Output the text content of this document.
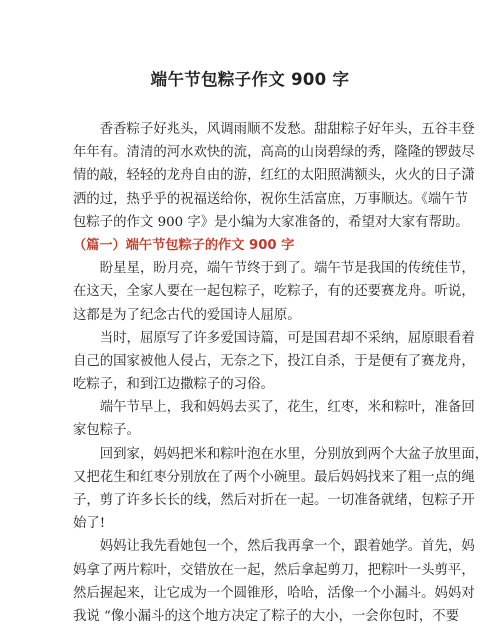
端午节包粽子作文 900 字
　　香香粽子好兆头，风调雨顺不发愁。甜甜粽子好年头，五谷丰登
年年有。清清的河水欢快的流，高高的山岗碧绿的秀，隆隆的锣鼓尽
情的敲，轻轻的龙舟自由的游，红红的太阳照满额头，火火的日子潇
洒的过，热乎乎的祝福送给你，祝你生活富庶，万事顺达。《端午节
包粽子的作文 900 字》是小编为大家准备的，希望对大家有帮助。
（篇一）端午节包粽子的作文 900 字
　　盼星星，盼月亮，端午节终于到了。端午节是我国的传统佳节，
在这天，全家人要在一起包粽子，吃粽子，有的还要赛龙舟。听说，
这都是为了纪念古代的爱国诗人屈原。
　　当时，屈原写了许多爱国诗篇，可是国君却不采纳，屈原眼看着
自己的国家被他人侵占，无奈之下，投江自杀，于是便有了赛龙舟，
吃粽子，和到江边撒粽子的习俗。
　　端午节早上，我和妈妈去买了，花生，红枣，米和粽叶，准备回
家包粽子。
　　回到家，妈妈把米和粽叶泡在水里，分别放到两个大盆子放里面，
又把花生和红枣分别放在了两个小碗里。最后妈妈找来了粗一点的绳
子，剪了许多长长的线，然后对折在一起。一切准备就绪，包粽子开
始了!
　　妈妈让我先看她包一个，然后我再拿一个，跟着她学。首先，妈
妈拿了两片粽叶，交错放在一起，然后拿起剪刀，把粽叶一头剪平，
然后握起来，让它成为一个圆锥形，哈哈，活像一个小漏斗。妈妈对
我说 “像小漏斗的这个地方决定了粽子的大小，一会你包时，不要
